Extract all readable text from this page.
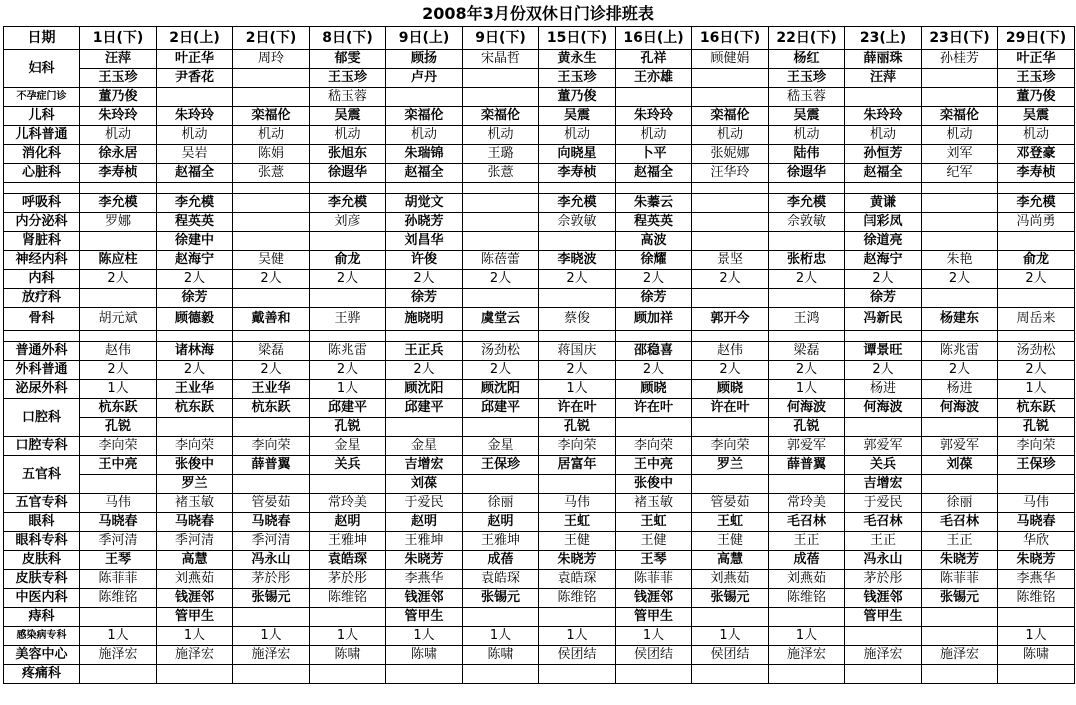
2008年3月份双休日门诊排班表
日期	1日(下)	2日(上)	2日(下)	8日(下)	9日(上)	9日(下)	15日(下)	16日(上)	16日(下)	22日(下)	23(上)	23日(下)	29日(下)
妇科	汪萍	叶正华	周玲	郁雯	顾扬	宋晶哲	黄永生	孔祥	顾健娟	杨红	薛丽珠	孙桂芳	叶正华
	王玉珍	尹香花		王玉珍	卢丹		王玉珍	王亦雄		王玉珍	汪萍		王玉珍
不孕症门诊	董乃俊			嵇玉蓉			董乃俊			嵇玉蓉			董乃俊
儿科	朱玲玲	朱玲玲	栾福伦	吴震	栾福伦	栾福伦	吴震	朱玲玲	栾福伦	吴震	朱玲玲	栾福伦	吴震
儿科普通	机动	机动	机动	机动	机动	机动	机动	机动	机动	机动	机动	机动	机动
消化科	徐永居	吴岩	陈娟	张旭东	朱瑞锦	王璐	向晓星	卜平	张妮娜	陆伟	孙恒芳	刘军	邓登豪
心脏科	李寿桢	赵福全	张薏	徐遐华	赵福全	张薏	李寿桢	赵福全	汪华玲	徐遐华	赵福全	纪军	李寿桢

呼吸科	李允模	李允模		李允模	胡觉文		李允模	朱蓁云		李允模	黄谦		李允模
内分泌科	罗娜	程英英		刘彦	孙晓芳		佘敦敏	程英英		佘敦敏	闫彩凤		冯尚勇
肾脏科		徐建中			刘昌华			高波			徐道亮		
神经内科	陈应柱	赵海宁	吴健	俞龙	许俊	陈蓓蕾	李晓波	徐耀	景坚	张桁忠	赵海宁	朱艳	俞龙
内科	2人	2人	2人	2人	2人	2人	2人	2人	2人	2人	2人	2人	2人
放疗科		徐芳			徐芳			徐芳			徐芳		
骨科	胡元斌	顾德毅	戴善和	王骅	施晓明	虞堂云	蔡俊	顾加祥	郭开今	王鸿	冯新民	杨建东	周岳来

普通外科	赵伟	诸林海	梁磊	陈兆雷	王正兵	汤劲松	蒋国庆	邵稳喜	赵伟	梁磊	谭景旺	陈兆雷	汤劲松
外科普通	2人	2人	2人	2人	2人	2人	2人	2人	2人	2人	2人	2人	2人
泌尿外科	1人	王业华	王业华	1人	顾沈阳	顾沈阳	1人	顾晓	顾晓	1人	杨进	杨进	1人
口腔科	杭东跃	杭东跃	杭东跃	邱建平	邱建平	邱建平	许在叶	许在叶	许在叶	何海波	何海波	何海波	杭东跃
	孔锐			孔锐			孔锐			孔锐			孔锐
口腔专科	李向荣	李向荣	李向荣	金星	金星	金星	李向荣	李向荣	李向荣	郭爱军	郭爱军	郭爱军	李向荣
五官科	王中亮	张俊中	薛普翼	关兵	吉增宏	王保珍	居富年	王中亮	罗兰	薛普翼	关兵	刘葆	王保珍
		罗兰			刘葆			张俊中			吉增宏		
五官专科	马伟	褚玉敏	管晏茹	常玲美	于爱民	徐丽	马伟	褚玉敏	管晏茹	常玲美	于爱民	徐丽	马伟
眼科	马晓春	马晓春	马晓春	赵明	赵明	赵明	王虹	王虹	王虹	毛召林	毛召林	毛召林	马晓春
眼科专科	季河清	季河清	季河清	王雅坤	王雅坤	王雅坤	王健	王健	王健	王正	王正	王正	华欣
皮肤科	王琴	高慧	冯永山	袁皓琛	朱晓芳	成蓓	朱晓芳	王琴	高慧	成蓓	冯永山	朱晓芳	朱晓芳
皮肤专科	陈菲菲	刘燕茹	茅於彤	茅於彤	李燕华	袁皓琛	袁皓琛	陈菲菲	刘燕茹	刘燕茹	茅於彤	陈菲菲	李燕华
中医内科	陈维铭	钱涯邻	张锡元	陈维铭	钱涯邻	张锡元	陈维铭	钱涯邻	张锡元	陈维铭	钱涯邻	张锡元	陈维铭
痔科		管甲生			管甲生			管甲生			管甲生		
感染病专科	1人	1人	1人	1人	1人	1人	1人	1人	1人	1人			1人
美容中心	施泽宏	施泽宏	施泽宏	陈啸	陈啸	陈啸	侯团结	侯团结	侯团结	施泽宏	施泽宏	施泽宏	陈啸
疼痛科													
